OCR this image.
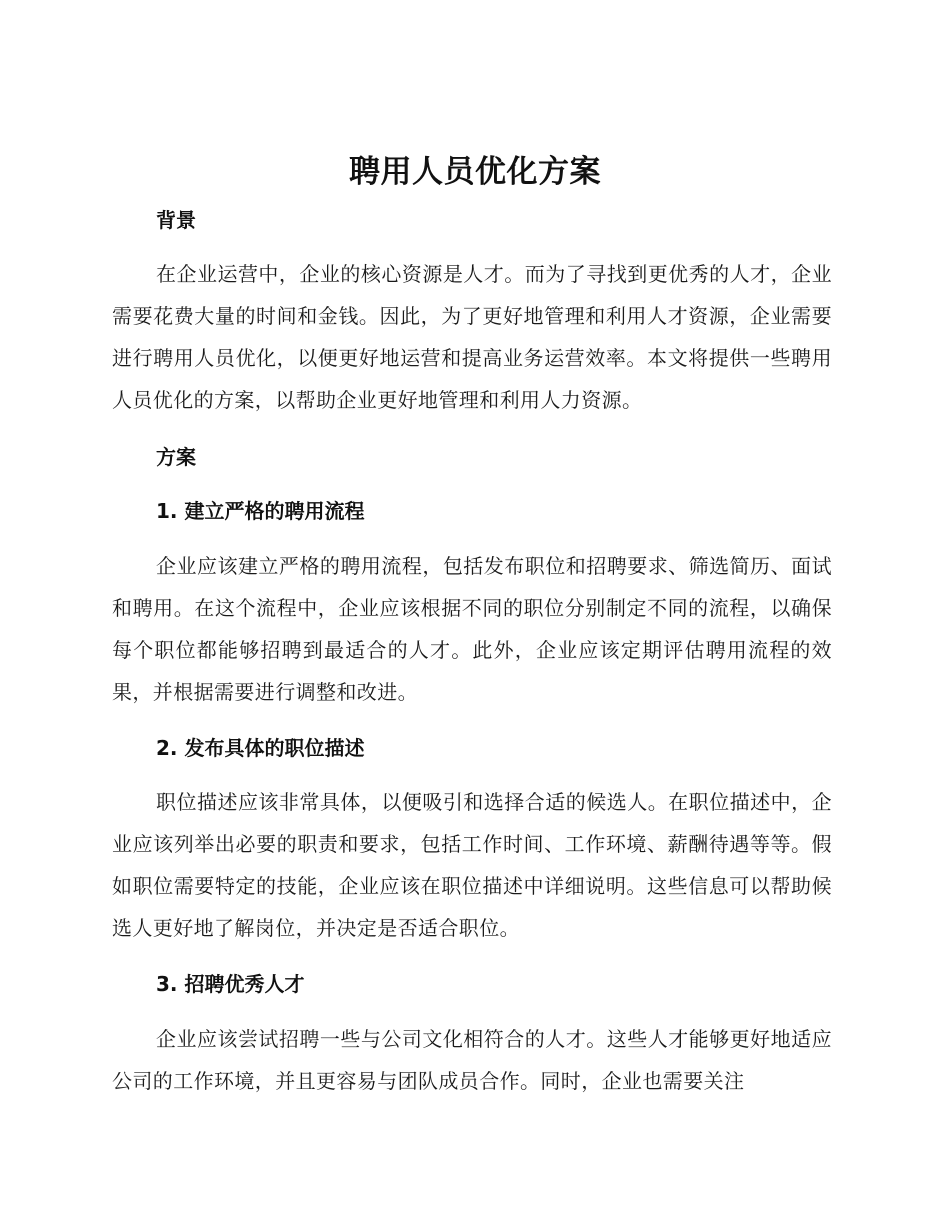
聘用人员优化方案
背景

在企业运营中，企业的核心资源是人才。而为了寻找到更优秀的人才，企业需要花费大量的时间和金钱。因此，为了更好地管理和利用人才资源，企业需要进行聘用人员优化，以便更好地运营和提高业务运营效率。本文将提供一些聘用人员优化的方案，以帮助企业更好地管理和利用人力资源。

方案
1. 建立严格的聘用流程

企业应该建立严格的聘用流程，包括发布职位和招聘要求、筛选简历、面试和聘用。在这个流程中，企业应该根据不同的职位分别制定不同的流程，以确保每个职位都能够招聘到最适合的人才。此外，企业应该定期评估聘用流程的效果，并根据需要进行调整和改进。

2. 发布具体的职位描述

职位描述应该非常具体，以便吸引和选择合适的候选人。在职位描述中，企业应该列举出必要的职责和要求，包括工作时间、工作环境、薪酬待遇等等。假如职位需要特定的技能，企业应该在职位描述中详细说明。这些信息可以帮助候选人更好地了解岗位，并决定是否适合职位。

3. 招聘优秀人才

企业应该尝试招聘一些与公司文化相符合的人才。这些人才能够更好地适应公司的工作环境，并且更容易与团队成员合作。同时，企业也需要关注
